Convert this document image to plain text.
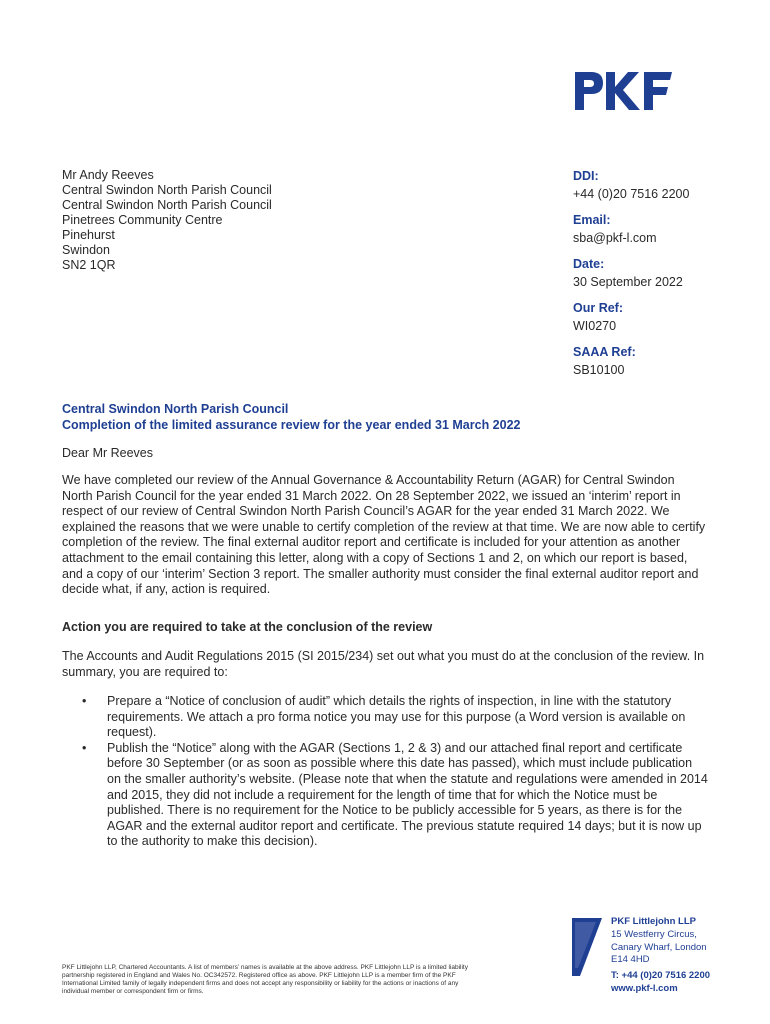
Mr Andy Reeves
Central Swindon North Parish Council
Central Swindon North Parish Council
Pinetrees Community Centre
Pinehurst
Swindon
SN2 1QR
DDI:
+44 (0)20 7516 2200
Email:
sba@pkf-l.com
Date:
30 September 2022
Our Ref:
WI0270
SAAA Ref:
SB10100
Central Swindon North Parish Council
Completion of the limited assurance review for the year ended 31 March 2022
Dear Mr Reeves
We have completed our review of the Annual Governance & Accountability Return (AGAR) for Central Swindon North Parish Council for the year ended 31 March 2022. On 28 September 2022, we issued an ‘interim’ report in respect of our review of Central Swindon North Parish Council’s AGAR for the year ended 31 March 2022. We explained the reasons that we were unable to certify completion of the review at that time. We are now able to certify completion of the review. The final external auditor report and certificate is included for your attention as another attachment to the email containing this letter, along with a copy of Sections 1 and 2, on which our report is based, and a copy of our ‘interim’ Section 3 report. The smaller authority must consider the final external auditor report and decide what, if any, action is required.
Action you are required to take at the conclusion of the review
The Accounts and Audit Regulations 2015 (SI 2015/234) set out what you must do at the conclusion of the review. In summary, you are required to:
• Prepare a “Notice of conclusion of audit” which details the rights of inspection, in line with the statutory requirements. We attach a pro forma notice you may use for this purpose (a Word version is available on request).
• Publish the “Notice” along with the AGAR (Sections 1, 2 & 3) and our attached final report and certificate before 30 September (or as soon as possible where this date has passed), which must include publication on the smaller authority’s website. (Please note that when the statute and regulations were amended in 2014 and 2015, they did not include a requirement for the length of time that for which the Notice must be published. There is no requirement for the Notice to be publicly accessible for 5 years, as there is for the AGAR and the external auditor report and certificate. The previous statute required 14 days; but it is now up to the authority to make this decision).
PKF Littlejohn LLP, Chartered Accountants. A list of members’ names is available at the above address. PKF Littlejohn LLP is a limited liability partnership registered in England and Wales No. OC342572. Registered office as above. PKF Littlejohn LLP is a member firm of the PKF International Limited family of legally independent firms and does not accept any responsibility or liability for the actions or inactions of any individual member or correspondent firm or firms.
PKF Littlejohn LLP
15 Westferry Circus,
Canary Wharf, London
E14 4HD
T: +44 (0)20 7516 2200
www.pkf-l.com
